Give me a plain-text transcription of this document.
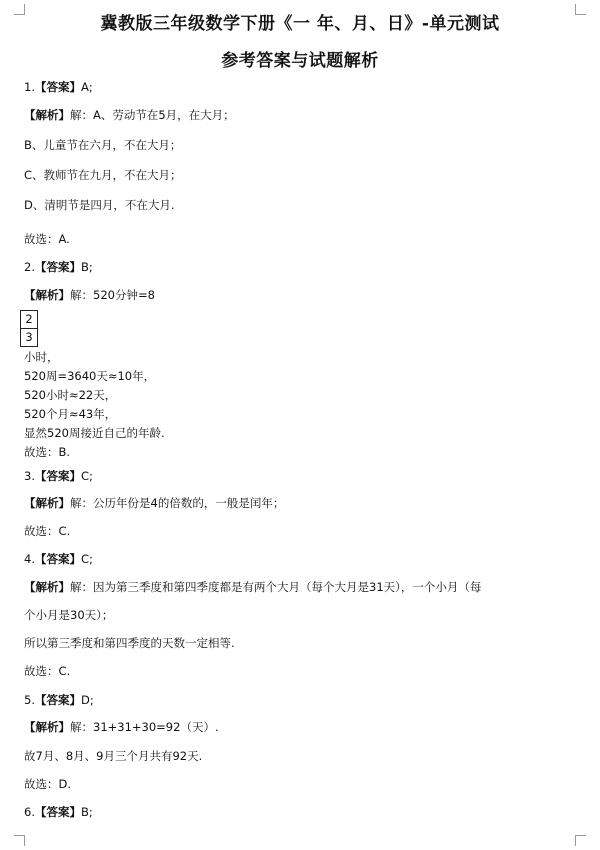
冀教版三年级数学下册《一 年、月、日》-单元测试
参考答案与试题解析
1.【答案】A;
【解析】解：A、劳动节在5月，在大月；
B、儿童节在六月，不在大月；
C、教师节在九月，不在大月；
D、清明节是四月，不在大月.
故选：A.
2.【答案】B;
【解析】解：520分钟=8
$\frac{2}{3}$
小时，
520周=3640天≈10年，
520小时≈22天，
520个月≈43年，
显然520周接近自己的年龄.
故选：B.
3.【答案】C;
【解析】解：公历年份是4的倍数的，一般是闰年；
故选：C.
4.【答案】C;
【解析】解：因为第三季度和第四季度都是有两个大月（每个大月是31天），一个小月（每
个小月是30天）；
所以第三季度和第四季度的天数一定相等.
故选：C.
5.【答案】D;
【解析】解：31+31+30=92（天）.
故7月、8月、9月三个月共有92天.
故选：D.
6.【答案】B;
